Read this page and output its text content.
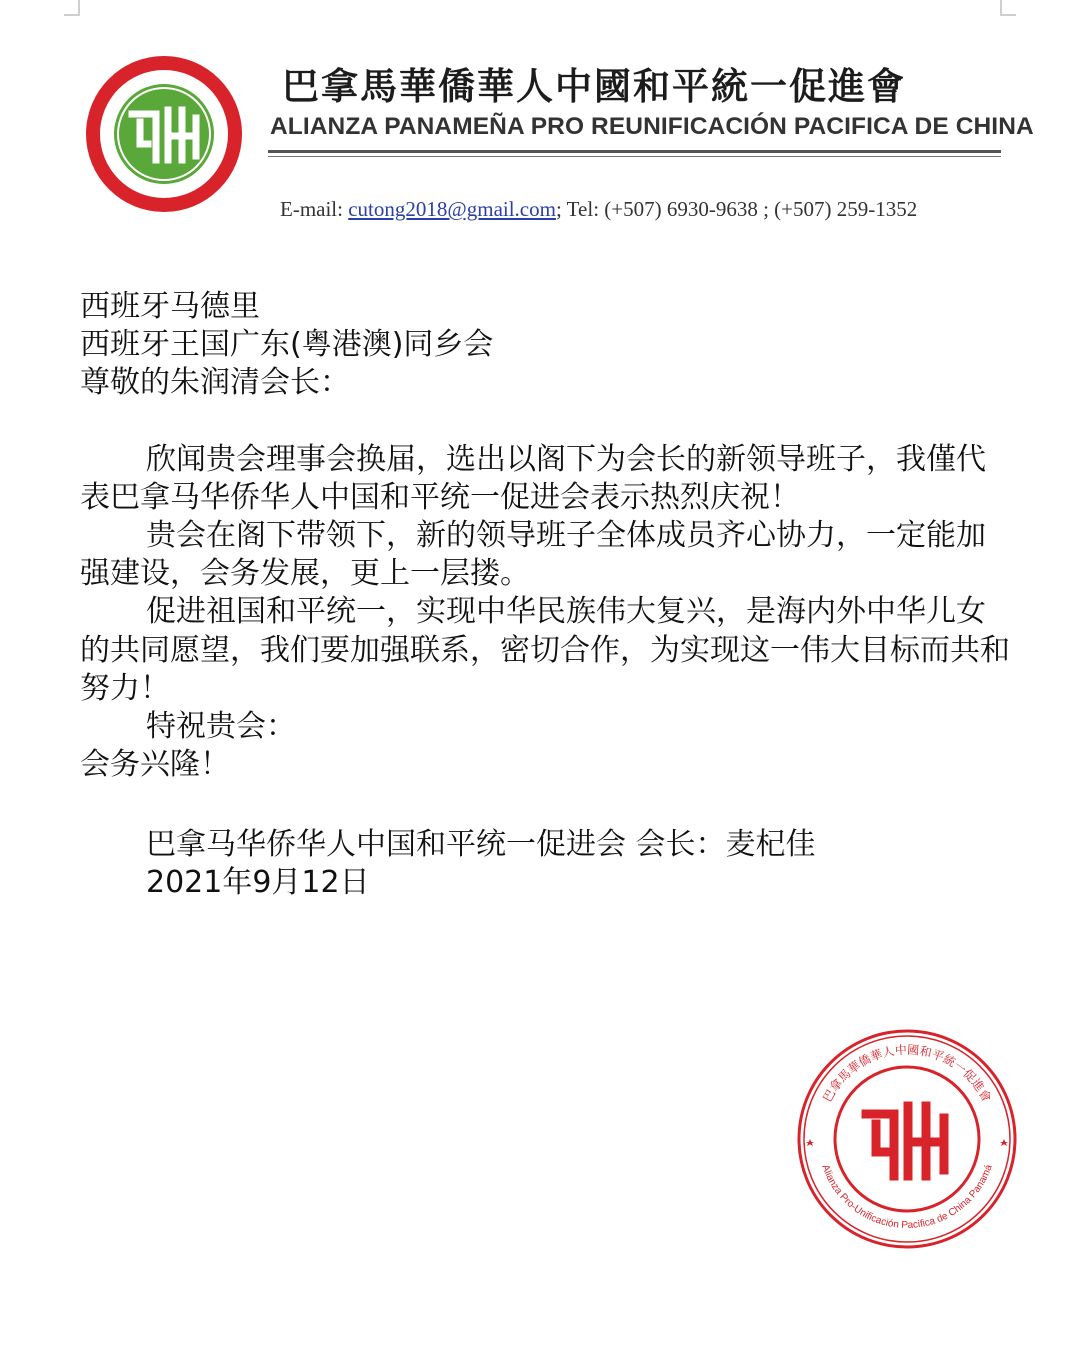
巴拿馬華僑華人中國和平統一促進會
ALIANZA PANAMEÑA PRO REUNIFICACIÓN PACIFICA DE CHINA
E-mail: cutong2018@gmail.com; Tel: (+507) 6930-9638 ; (+507) 259-1352

西班牙马德里

西班牙王国广东(粤港澳)同乡会

尊敬的朱润清会长：

欣闻贵会理事会换届，选出以阁下为会长的新领导班子，我僅代表巴拿马华侨华人中国和平统一促进会表示热烈庆祝！

贵会在阁下带领下，新的领导班子全体成员齐心协力，一定能加强建设，会务发展，更上一层搂。

促进祖国和平统一，实现中华民族伟大复兴，是海内外中华儿女的共同愿望，我们要加强联系，密切合作，为实现这一伟大目标而共和努力！

特祝贵会：

会务兴隆！

巴拿马华侨华人中国和平统一促进会 会长：麦杞佳

2021年9月12日

巴拿馬華僑華人中國和平統一促進會
Alianza Pro-Unificación Pacifica de China Panamá
